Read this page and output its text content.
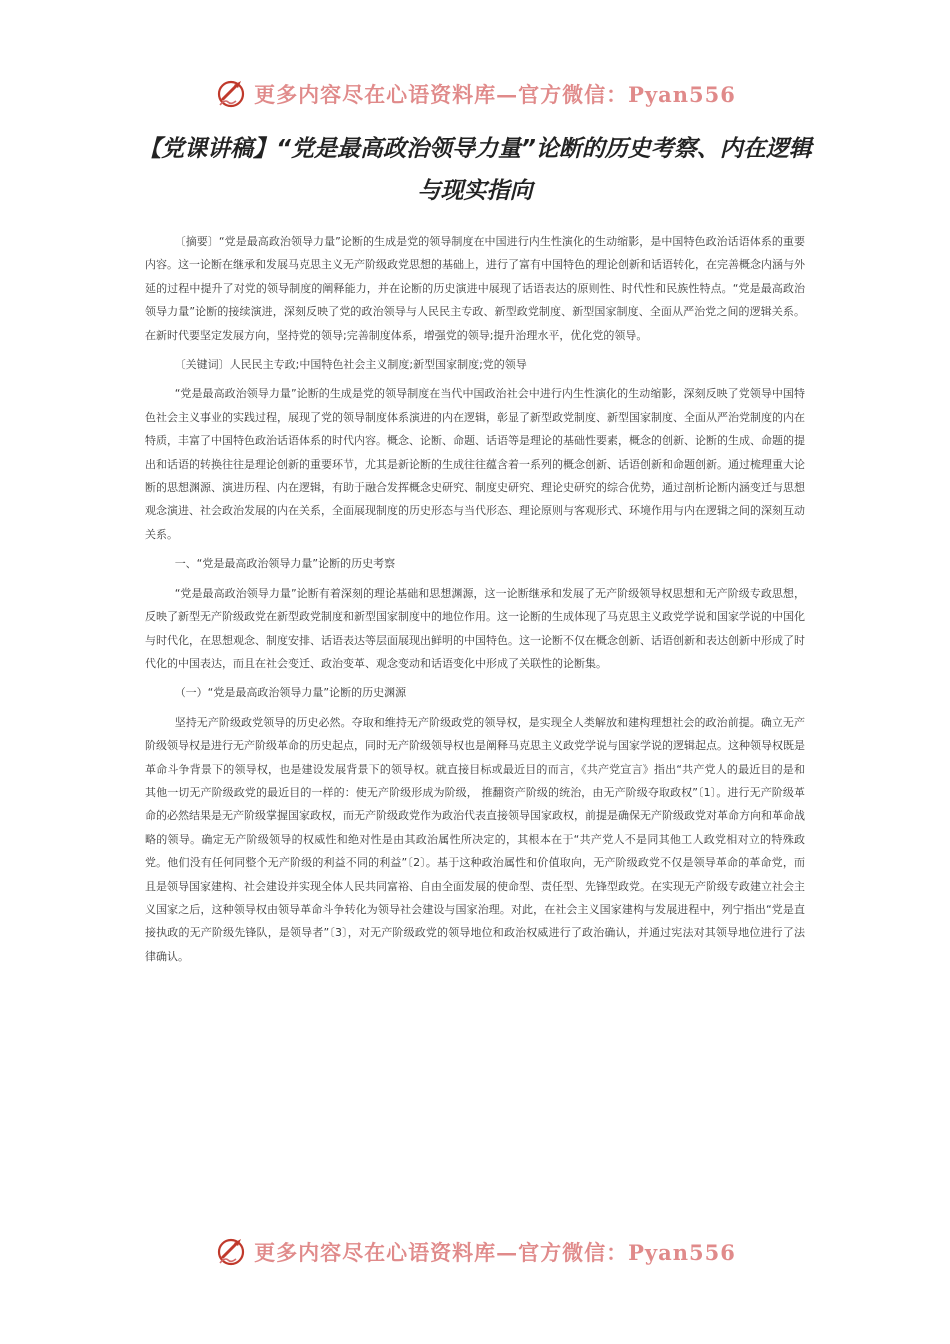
更多内容尽在心语资料库—官方微信：Pyan556
【党课讲稿】“党是最高政治领导力量”论断的历史考察、内在逻辑
与现实指向

〔摘要〕“党是最高政治领导力量”论断的生成是党的领导制度在中国进行内生性演化的生动缩影，是中国特色政治话语体系的重要内容。这一论断在继承和发展马克思主义无产阶级政党思想的基础上，进行了富有中国特色的理论创新和话语转化，在完善概念内涵与外延的过程中提升了对党的领导制度的阐释能力，并在论断的历史演进中展现了话语表达的原则性、时代性和民族性特点。“党是最高政治领导力量”论断的接续演进，深刻反映了党的政治领导与人民民主专政、新型政党制度、新型国家制度、全面从严治党之间的逻辑关系。在新时代要坚定发展方向，坚持党的领导;完善制度体系，增强党的领导;提升治理水平，优化党的领导。

〔关键词〕人民民主专政;中国特色社会主义制度;新型国家制度;党的领导

“党是最高政治领导力量”论断的生成是党的领导制度在当代中国政治社会中进行内生性演化的生动缩影，深刻反映了党领导中国特色社会主义事业的实践过程，展现了党的领导制度体系演进的内在逻辑，彰显了新型政党制度、新型国家制度、全面从严治党制度的内在特质，丰富了中国特色政治话语体系的时代内容。概念、论断、命题、话语等是理论的基础性要素，概念的创新、论断的生成、命题的提出和话语的转换往往是理论创新的重要环节，尤其是新论断的生成往往蕴含着一系列的概念创新、话语创新和命题创新。通过梳理重大论断的思想渊源、演进历程、内在逻辑，有助于融合发挥概念史研究、制度史研究、理论史研究的综合优势，通过剖析论断内涵变迁与思想观念演进、社会政治发展的内在关系，全面展现制度的历史形态与当代形态、理论原则与客观形式、环境作用与内在逻辑之间的深刻互动关系。

一、“党是最高政治领导力量”论断的历史考察

“党是最高政治领导力量”论断有着深刻的理论基础和思想渊源，这一论断继承和发展了无产阶级领导权思想和无产阶级专政思想，反映了新型无产阶级政党在新型政党制度和新型国家制度中的地位作用。这一论断的生成体现了马克思主义政党学说和国家学说的中国化与时代化，在思想观念、制度安排、话语表达等层面展现出鲜明的中国特色。这一论断不仅在概念创新、话语创新和表达创新中形成了时代化的中国表达，而且在社会变迁、政治变革、观念变动和话语变化中形成了关联性的论断集。

（一）“党是最高政治领导力量”论断的历史渊源

坚持无产阶级政党领导的历史必然。夺取和维持无产阶级政党的领导权，是实现全人类解放和建构理想社会的政治前提。确立无产阶级领导权是进行无产阶级革命的历史起点，同时无产阶级领导权也是阐释马克思主义政党学说与国家学说的逻辑起点。这种领导权既是革命斗争背景下的领导权，也是建设发展背景下的领导权。就直接目标或最近目的而言，《共产党宣言》指出“共产党人的最近目的是和其他一切无产阶级政党的最近目的一样的：使无产阶级形成为阶级， 推翻资产阶级的统治，由无产阶级夺取政权”〔1〕。进行无产阶级革命的必然结果是无产阶级掌握国家政权，而无产阶级政党作为政治代表直接领导国家政权，前提是确保无产阶级政党对革命方向和革命战略的领导。确定无产阶级领导的权威性和绝对性是由其政治属性所决定的，其根本在于“共产党人不是同其他工人政党相对立的特殊政党。他们没有任何同整个无产阶级的利益不同的利益”〔2〕。基于这种政治属性和价值取向，无产阶级政党不仅是领导革命的革命党，而且是领导国家建构、社会建设并实现全体人民共同富裕、自由全面发展的使命型、责任型、先锋型政党。在实现无产阶级专政建立社会主义国家之后，这种领导权由领导革命斗争转化为领导社会建设与国家治理。对此，在社会主义国家建构与发展进程中，列宁指出“党是直接执政的无产阶级先锋队，是领导者”〔3〕，对无产阶级政党的领导地位和政治权威进行了政治确认，并通过宪法对其领导地位进行了法律确认。

更多内容尽在心语资料库—官方微信：Pyan556
